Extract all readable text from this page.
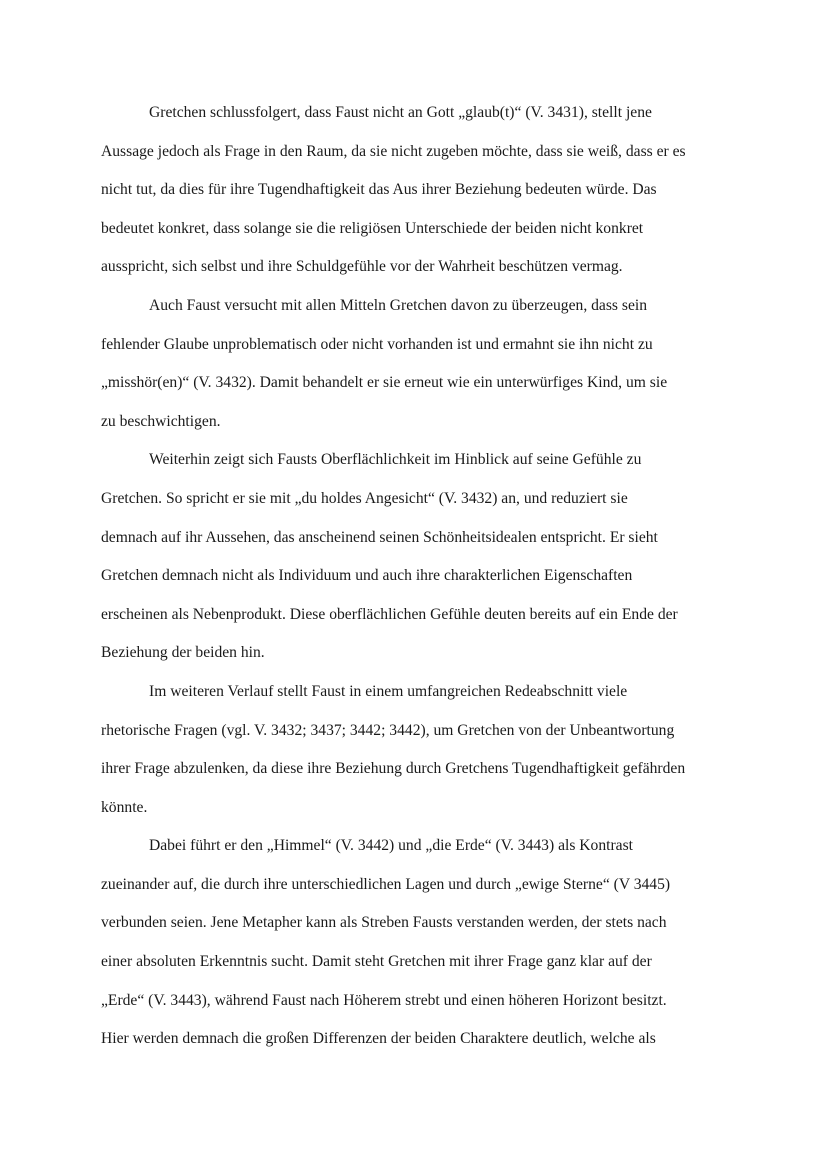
Gretchen schlussfolgert, dass Faust nicht an Gott „glaub(t)“ (V. 3431), stellt jene
Aussage jedoch als Frage in den Raum, da sie nicht zugeben möchte, dass sie weiß, dass er es
nicht tut, da dies für ihre Tugendhaftigkeit das Aus ihrer Beziehung bedeuten würde. Das
bedeutet konkret, dass solange sie die religiösen Unterschiede der beiden nicht konkret
ausspricht, sich selbst und ihre Schuldgefühle vor der Wahrheit beschützen vermag.
Auch Faust versucht mit allen Mitteln Gretchen davon zu überzeugen, dass sein
fehlender Glaube unproblematisch oder nicht vorhanden ist und ermahnt sie ihn nicht zu
„misshör(en)“ (V. 3432). Damit behandelt er sie erneut wie ein unterwürfiges Kind, um sie
zu beschwichtigen.
Weiterhin zeigt sich Fausts Oberflächlichkeit im Hinblick auf seine Gefühle zu
Gretchen. So spricht er sie mit „du holdes Angesicht“ (V. 3432) an, und reduziert sie
demnach auf ihr Aussehen, das anscheinend seinen Schönheitsidealen entspricht. Er sieht
Gretchen demnach nicht als Individuum und auch ihre charakterlichen Eigenschaften
erscheinen als Nebenprodukt. Diese oberflächlichen Gefühle deuten bereits auf ein Ende der
Beziehung der beiden hin.
Im weiteren Verlauf stellt Faust in einem umfangreichen Redeabschnitt viele
rhetorische Fragen (vgl. V. 3432; 3437; 3442; 3442), um Gretchen von der Unbeantwortung
ihrer Frage abzulenken, da diese ihre Beziehung durch Gretchens Tugendhaftigkeit gefährden
könnte.
Dabei führt er den „Himmel“ (V. 3442) und „die Erde“ (V. 3443) als Kontrast
zueinander auf, die durch ihre unterschiedlichen Lagen und durch „ewige Sterne“ (V 3445)
verbunden seien. Jene Metapher kann als Streben Fausts verstanden werden, der stets nach
einer absoluten Erkenntnis sucht. Damit steht Gretchen mit ihrer Frage ganz klar auf der
„Erde“ (V. 3443), während Faust nach Höherem strebt und einen höheren Horizont besitzt.
Hier werden demnach die großen Differenzen der beiden Charaktere deutlich, welche als
